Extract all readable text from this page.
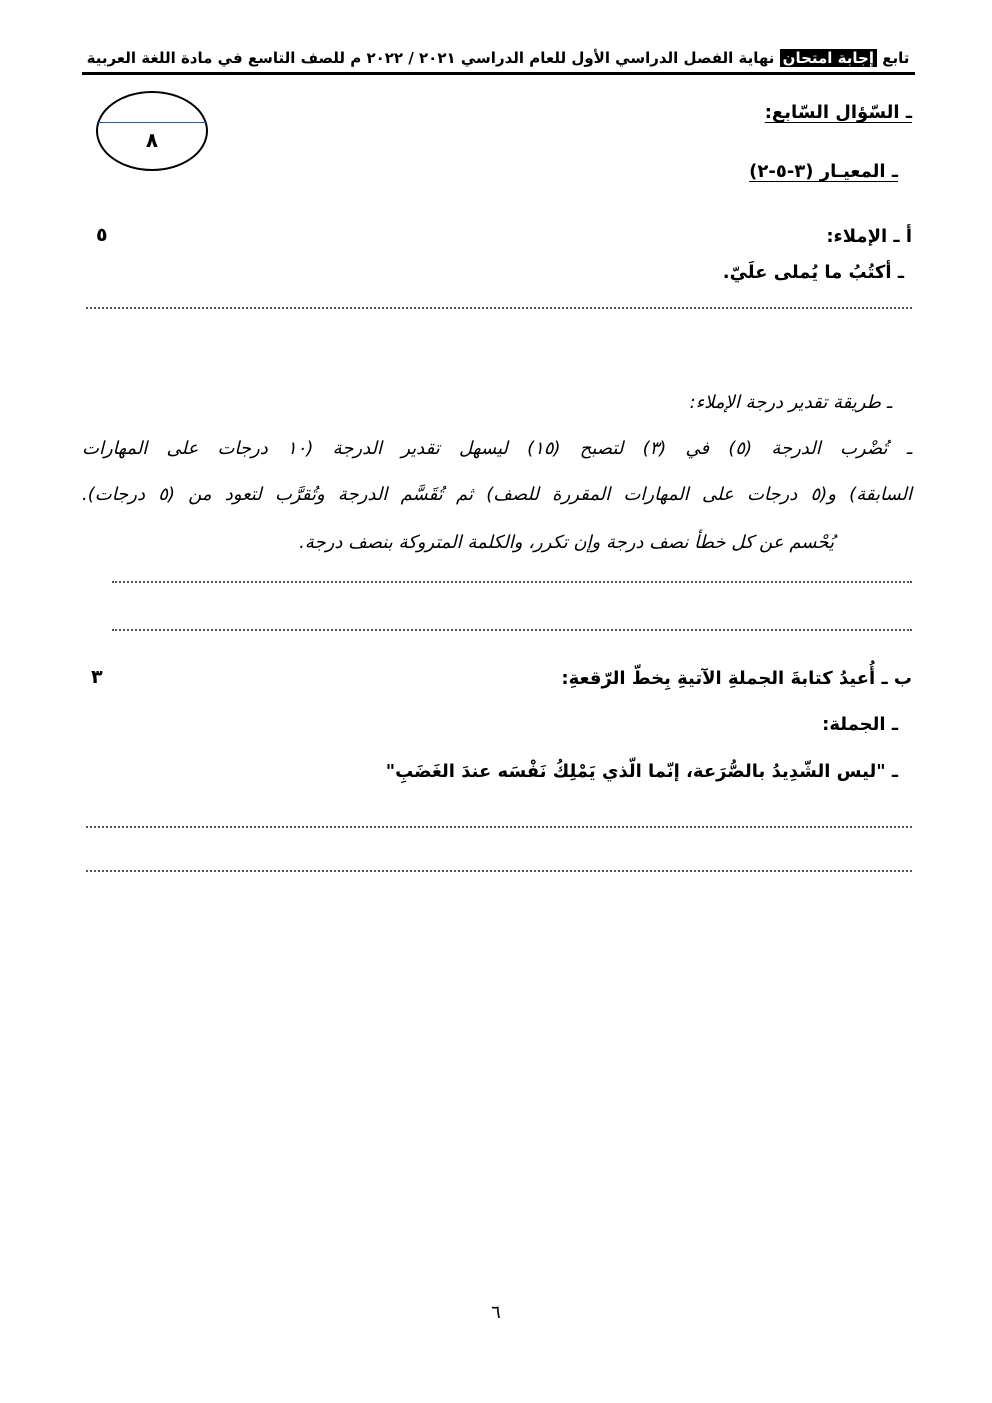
تابع إجابة امتحان نهاية الفصل الدراسي الأول للعام الدراسي ٢٠٢١ / ٢٠٢٢ م للصف التاسع في مادة اللغة العربية
٨
ـ السّؤال السّابع:
ـ المعيـار (٣-٥-٢)
أ ـ الإملاء:
٥
ـ أكتُبُ ما يُملى علَيّ.
ـ طريقة تقدير درجة الإملاء:
ـ تُضْرب الدرجة (٥) في (٣) لتصبح (١٥) ليسهل تقدير الدرجة (١٠ درجات على المهارات
السابقة) و(٥ درجات على المهارات المقررة للصف) ثم تُقَسَّم الدرجة وتُقرَّب لتعود من (٥ درجات).
يُحْسم عن كل خطأ نصف درجة وإن تكرر، والكلمة المتروكة بنصف درجة.
ب ـ أُعيدُ كتابةَ الجملةِ الآتيةِ بِخطّ الرّقعةِ:
٣
ـ الجملة:
ـ "ليس الشّدِيدُ بالصُّرَعة، إنّما الّذي يَمْلِكُ نَفْسَه عندَ الغَضَبِ"
٦
